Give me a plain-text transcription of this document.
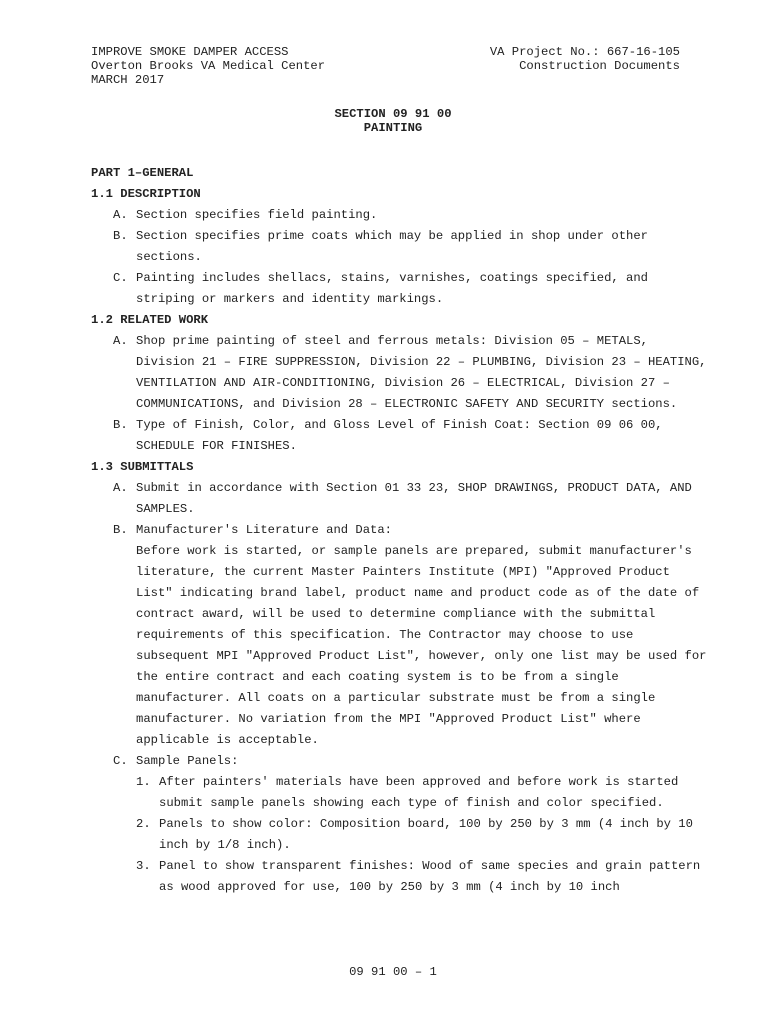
IMPROVE SMOKE DAMPER ACCESS
Overton Brooks VA Medical Center
MARCH 2017
VA Project No.: 667-16-105
Construction Documents
SECTION 09 91 00
PAINTING

PART 1–GENERAL

1.1 DESCRIPTION

A. Section specifies field painting.
B. Section specifies prime coats which may be applied in shop under other sections.
C. Painting includes shellacs, stains, varnishes, coatings specified, and striping or markers and identity markings.

1.2 RELATED WORK

A. Shop prime painting of steel and ferrous metals: Division 05 – METALS, Division 21 – FIRE SUPPRESSION, Division 22 – PLUMBING, Division 23 – HEATING, VENTILATION AND AIR-CONDITIONING, Division 26 – ELECTRICAL, Division 27 – COMMUNICATIONS, and Division 28 – ELECTRONIC SAFETY AND SECURITY sections.
B. Type of Finish, Color, and Gloss Level of Finish Coat: Section 09 06 00, SCHEDULE FOR FINISHES.

1.3 SUBMITTALS

A. Submit in accordance with Section 01 33 23, SHOP DRAWINGS, PRODUCT DATA, AND SAMPLES.
B. Manufacturer's Literature and Data:

Before work is started, or sample panels are prepared, submit manufacturer's literature, the current Master Painters Institute (MPI) "Approved Product List" indicating brand label, product name and product code as of the date of contract award, will be used to determine compliance with the submittal requirements of this specification. The Contractor may choose to use subsequent MPI "Approved Product List", however, only one list may be used for the entire contract and each coating system is to be from a single manufacturer. All coats on a particular substrate must be from a single manufacturer. No variation from the MPI "Approved Product List" where applicable is acceptable.

C. Sample Panels:
1. After painters' materials have been approved and before work is started submit sample panels showing each type of finish and color specified.
2. Panels to show color: Composition board, 100 by 250 by 3 mm (4 inch by 10 inch by 1/8 inch).
3. Panel to show transparent finishes: Wood of same species and grain pattern as wood approved for use, 100 by 250 by 3 mm (4 inch by 10 inch
09 91 00 – 1
